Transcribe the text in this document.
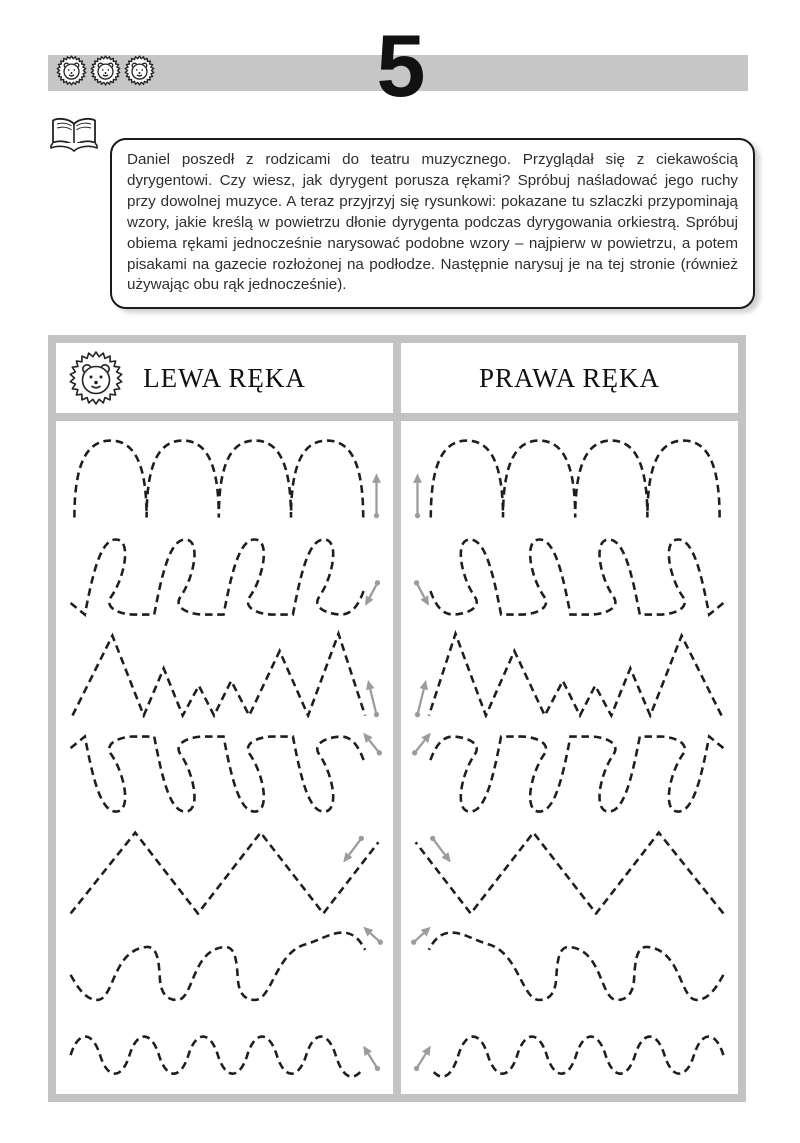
5

Daniel poszedł z rodzicami do teatru muzycznego. Przyglądał się z ciekawością dyrygentowi. Czy wiesz, jak dyrygent porusza rękami? Spróbuj naśladować jego ruchy przy dowolnej muzyce. A teraz przyjrzyj się rysunkowi: pokazane tu szlaczki przypominają wzory, jakie kreślą w powietrzu dłonie dyrygenta podczas dyrygowania orkiestrą. Spróbuj obiema rękami jednocześnie narysować podobne wzory – najpierw w powietrzu, a potem pisakami na gazecie rozłożonej na podłodze. Następnie narysuj je na tej stronie (również używając obu rąk jednocześnie).

LEWA RĘKA	PRAWA RĘKA
